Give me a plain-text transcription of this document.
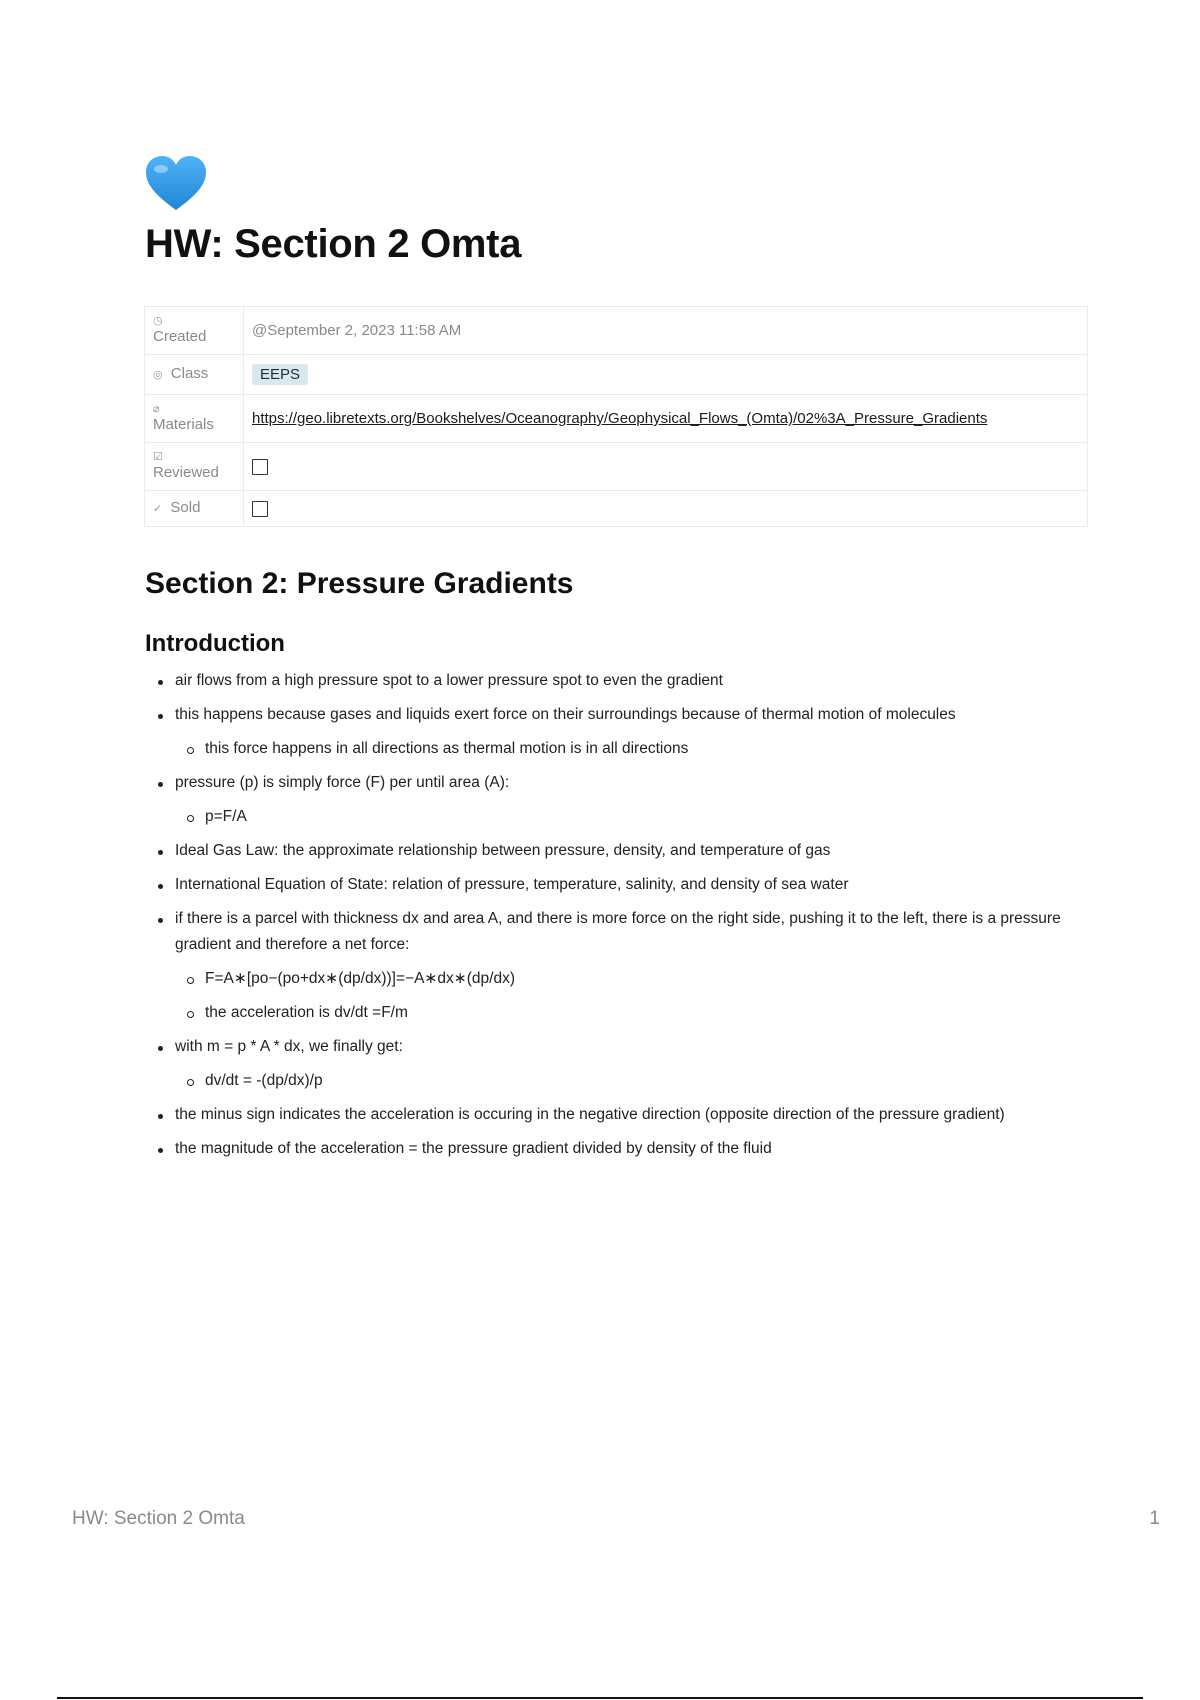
HW: Section 2 Omta
◷
Created	@September 2, 2023 11:58 AM
◎ Class	EEPS

⌀
Materials	https://geo.libretexts.org/Bookshelves/Oceanography/Geophysical_Flows_(Omta)/02%3A_Pressure_Gradients

☑
Reviewed	
✓ Sold	
Section 2: Pressure Gradients
Introduction
air flows from a high pressure spot to a lower pressure spot to even the gradient
this happens because gases and liquids exert force on their surroundings because of thermal motion of molecules
this force happens in all directions as thermal motion is in all directions
pressure (p) is simply force (F) per until area (A):
p=F/A
Ideal Gas Law: the approximate relationship between pressure, density, and temperature of gas
International Equation of State: relation of pressure, temperature, salinity, and density of sea water
if there is a parcel with thickness dx and area A, and there is more force on the right side, pushing it to the left, there is a pressure gradient and therefore a net force:
F=A∗[po−(po+dx∗(dp/dx))]=−A∗dx∗(dp/dx)
the acceleration is dv/dt =F/m
with m = p * A * dx, we finally get:
dv/dt = -(dp/dx)/p
the minus sign indicates the acceleration is occuring in the negative direction (opposite direction of the pressure gradient)
the magnitude of the acceleration = the pressure gradient divided by density of the fluid
HW: Section 2 Omta	1
